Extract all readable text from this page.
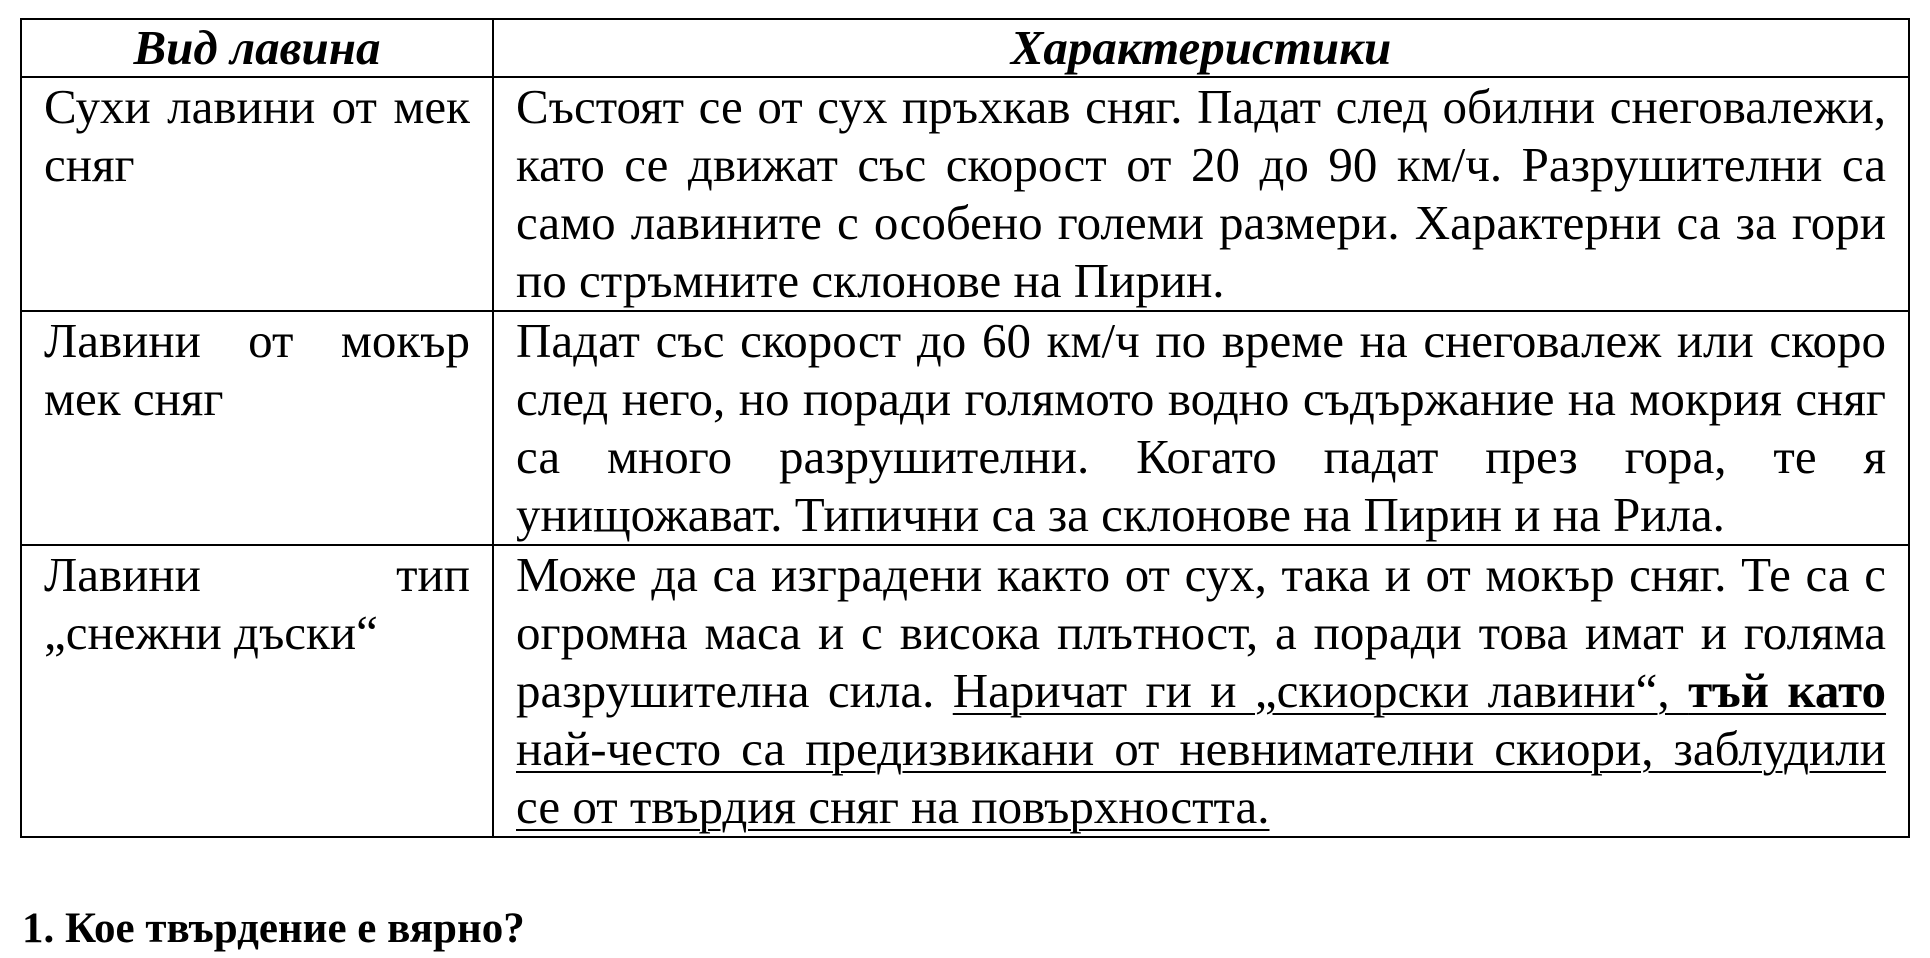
Вид лавина	Характеристики

Сухи лавини от мек сняг	Състоят се от сух пръхкав сняг. Падат след обилни снеговалежи, като се движат със скорост от 20 до 90 км/ч. Разрушителни са само лавините с особено големи размери. Характерни са за гори по стръмните склонове на Пирин.

Лавини от мокър мек сняг	Падат със скорост до 60 км/ч по време на снеговалеж или скоро след него, но поради голямото водно съдържание на мокрия сняг са много разрушителни. Когато падат през гора, те я унищожават. Типични са за склонове на Пирин и на Рила.

Лавини тип „снежни дъски“	Може да са изградени както от сух, така и от мокър сняг. Те са с огромна маса и с висока плътност, а поради това имат и голяма разрушителна сила. Наричат ги и „скиорски лавини“, тъй като най-често са предизвикани от невнимателни скиори, заблудили се от твърдия сняг на повърхността.
1. Кое твърдение е вярно?
